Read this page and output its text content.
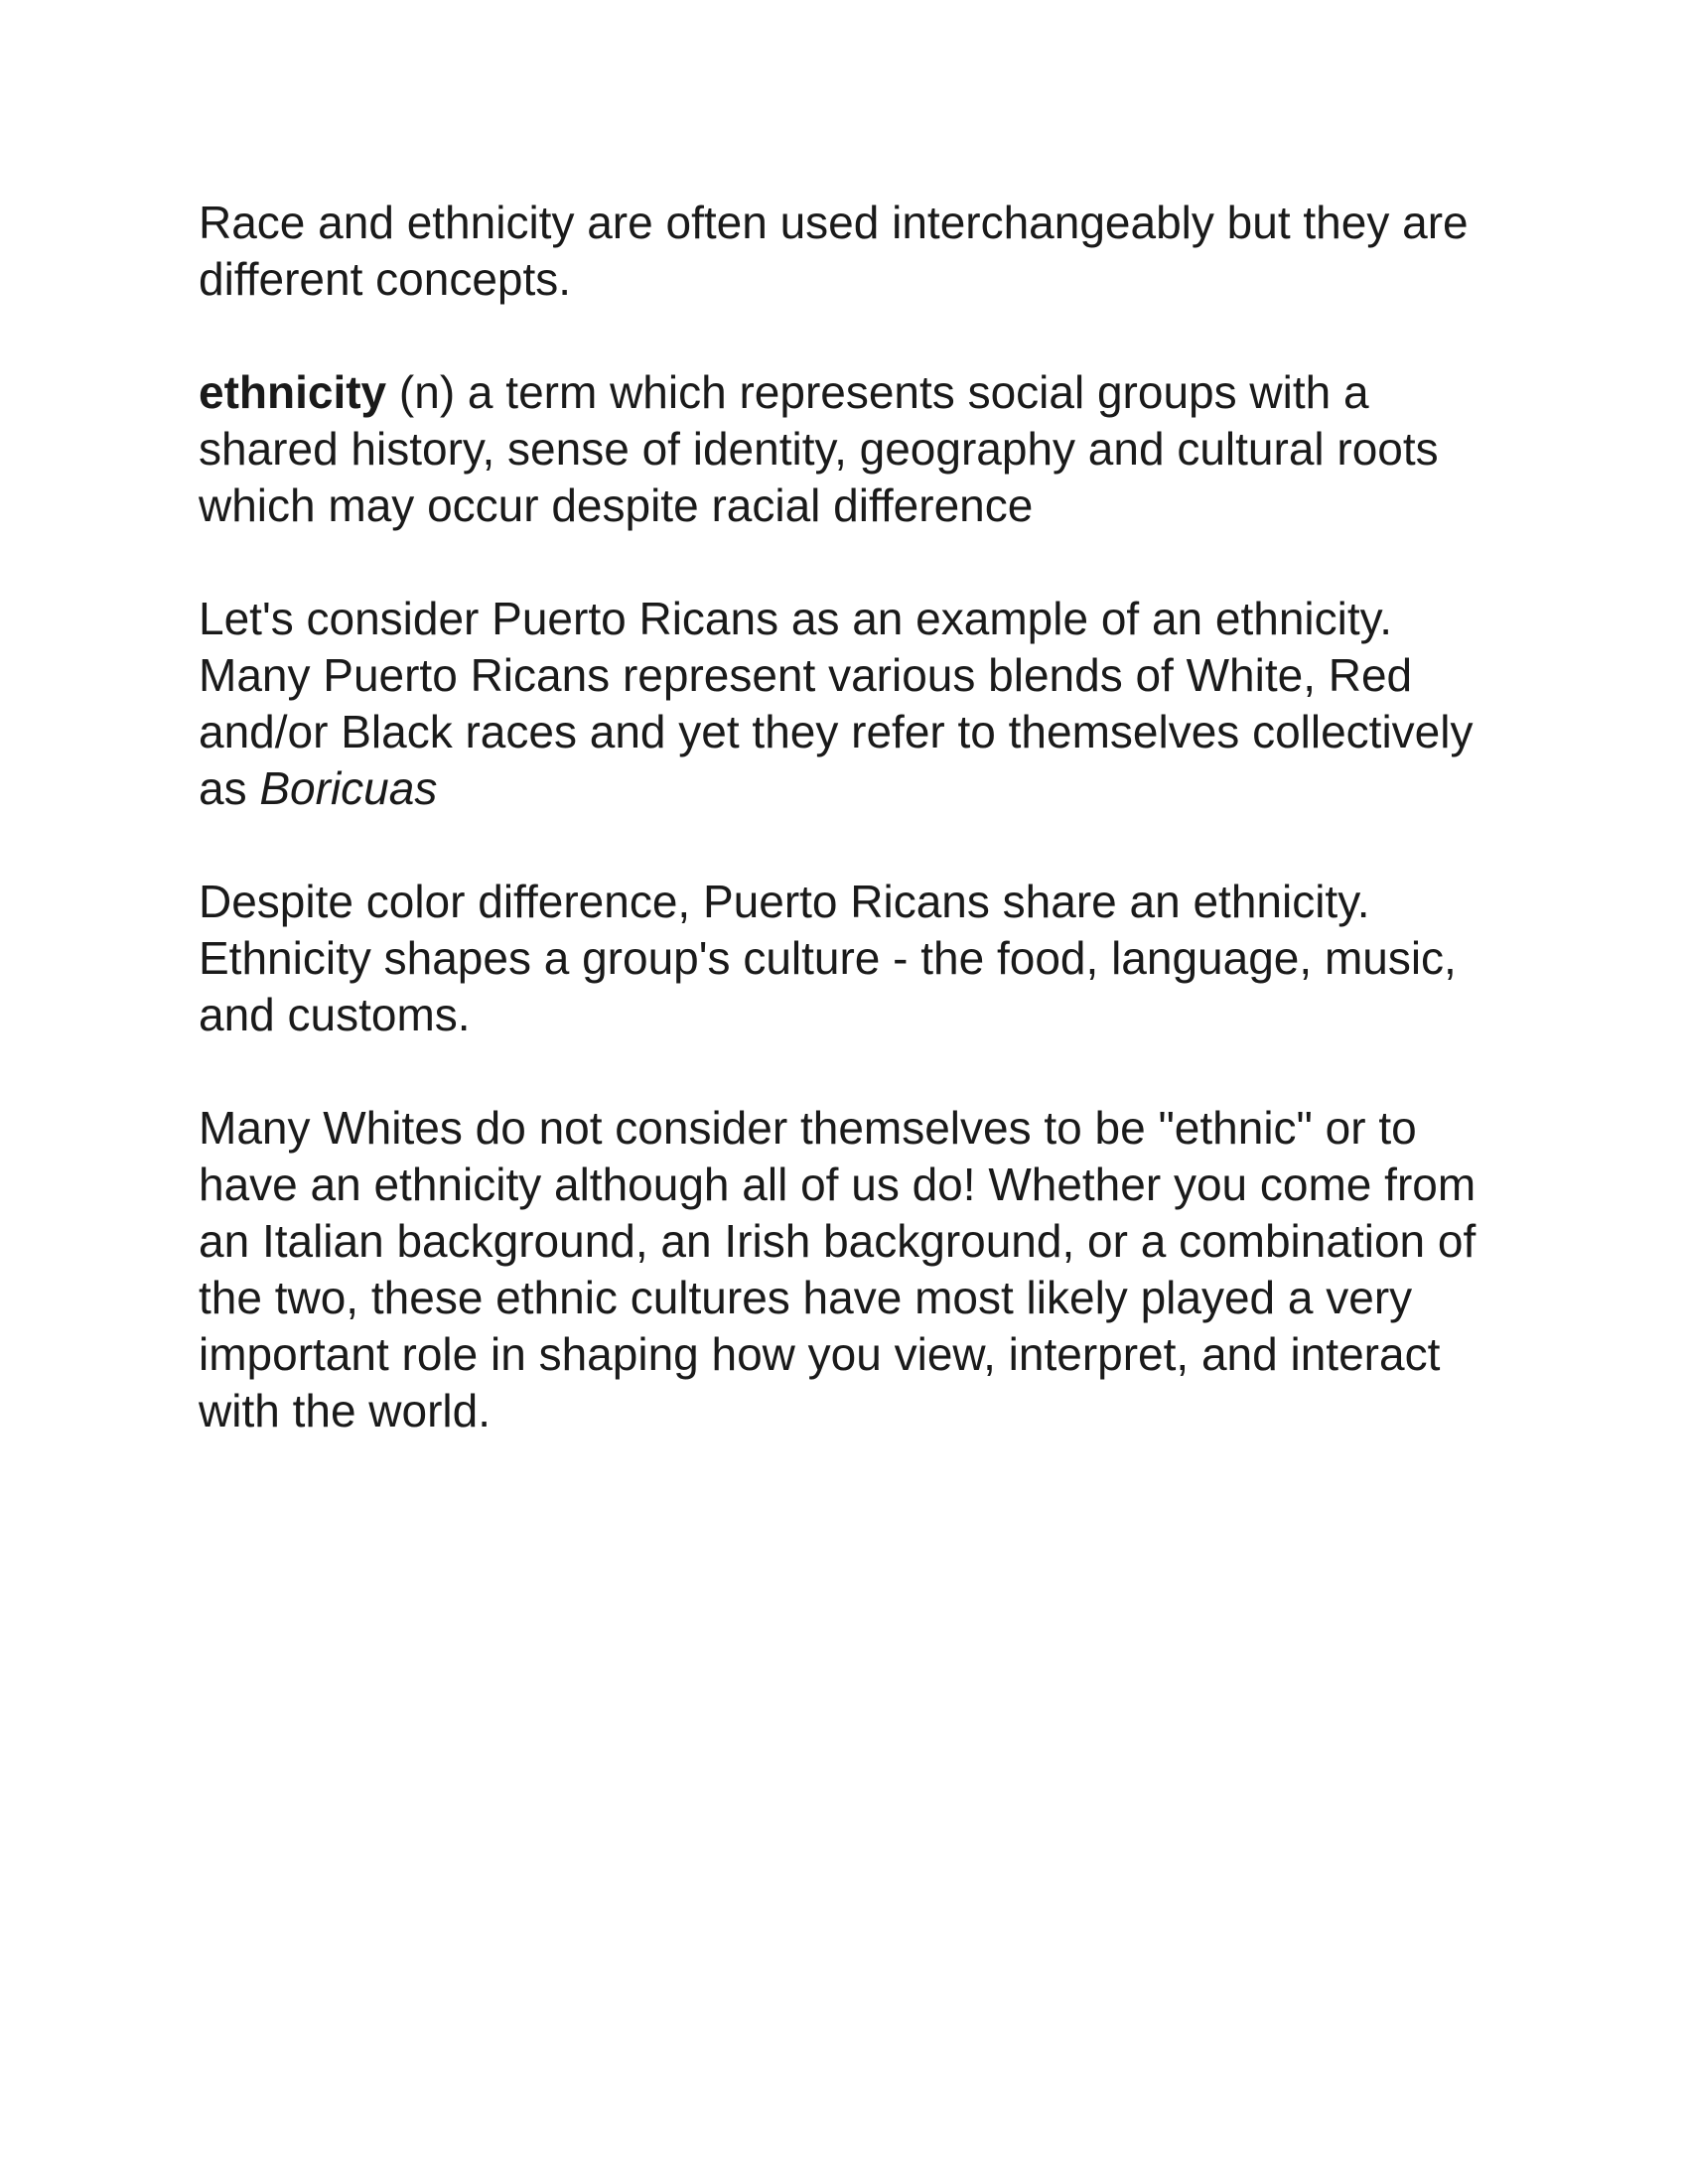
Race and ethnicity are often used interchangeably but they are different concepts.

ethnicity (n) a term which represents social groups with a shared history, sense of identity, geography and cultural roots which may occur despite racial difference

Let's consider Puerto Ricans as an example of an ethnicity. Many Puerto Ricans represent various blends of White, Red and/or Black races and yet they refer to themselves collectively as Boricuas

Despite color difference, Puerto Ricans share an ethnicity. Ethnicity shapes a group's culture - the food, language, music, and customs.

Many Whites do not consider themselves to be "ethnic" or to have an ethnicity although all of us do! Whether you come from an Italian background, an Irish background, or a combination of the two, these ethnic cultures have most likely played a very important role in shaping how you view, interpret, and interact with the world.
